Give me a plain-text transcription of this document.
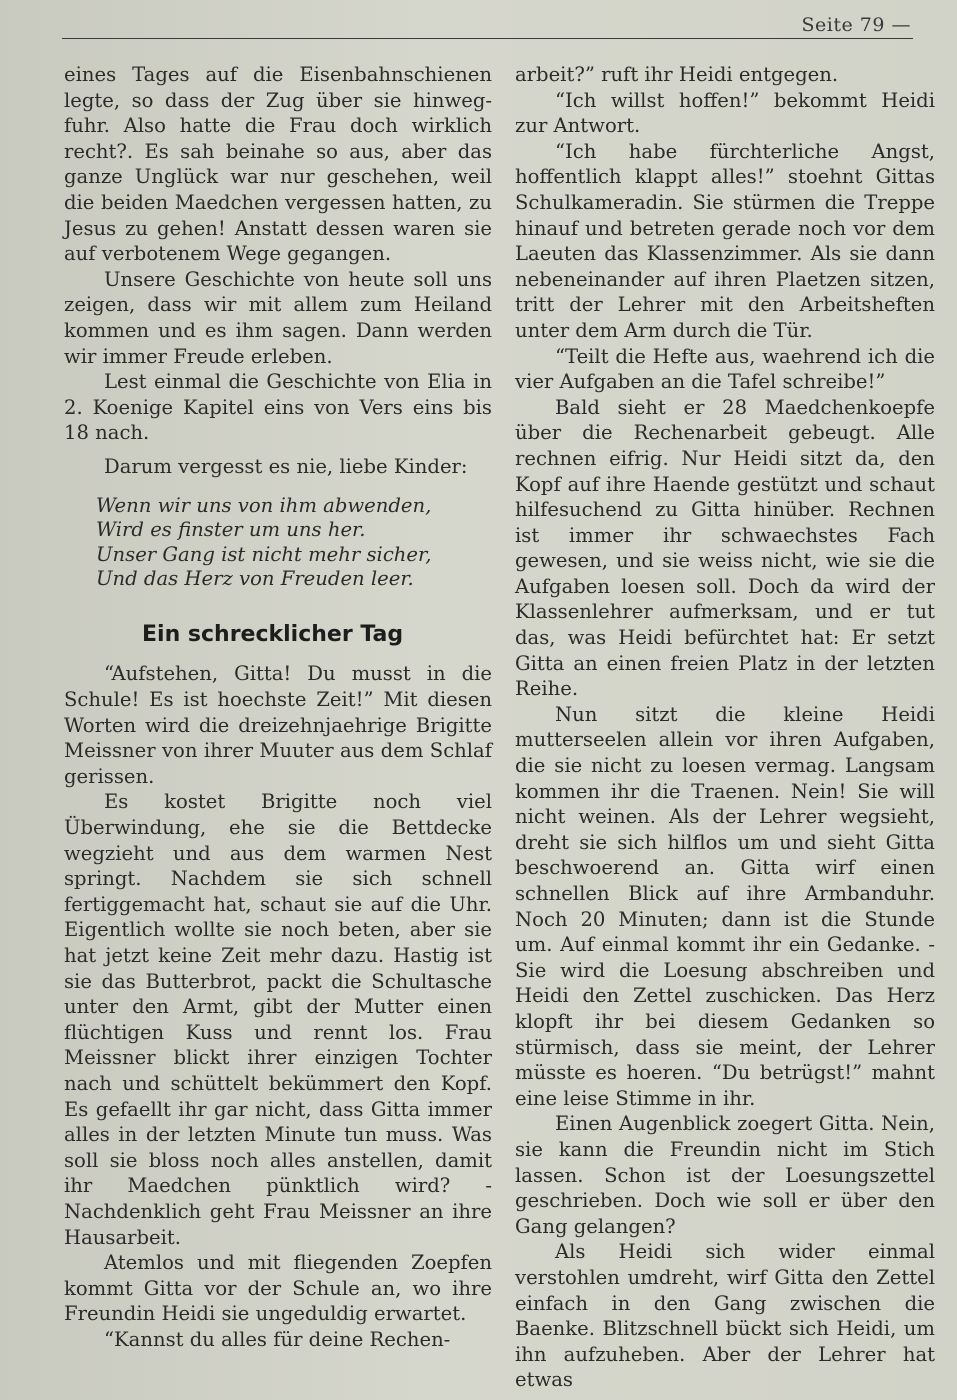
Seite 79 —

eines Tages auf die Eisenbahnschienen legte, so dass der Zug über sie hinweg-fuhr. Also hatte die Frau doch wirklich recht?. Es sah beinahe so aus, aber das ganze Unglück war nur geschehen, weil die beiden Maedchen vergessen hatten, zu Jesus zu gehen! Anstatt dessen waren sie auf verbotenem Wege gegangen.

Unsere Geschichte von heute soll uns zeigen, dass wir mit allem zum Heiland kommen und es ihm sagen. Dann werden wir immer Freude erleben.

Lest einmal die Geschichte von Elia in 2. Koenige Kapitel eins von Vers eins bis 18 nach.

Darum vergesst es nie, liebe Kinder:

Wenn wir uns von ihm abwenden,
Wird es finster um uns her.
Unser Gang ist nicht mehr sicher,
Und das Herz von Freuden leer.
Ein schrecklicher Tag

“Aufstehen, Gitta! Du musst in die Schule! Es ist hoechste Zeit!” Mit diesen Worten wird die dreizehnjaehrige Brigitte Meissner von ihrer Muuter aus dem Schlaf gerissen.

Es kostet Brigitte noch viel Überwindung, ehe sie die Bettdecke wegzieht und aus dem warmen Nest springt. Nachdem sie sich schnell fertiggemacht hat, schaut sie auf die Uhr. Eigentlich wollte sie noch beten, aber sie hat jetzt keine Zeit mehr dazu. Hastig ist sie das Butterbrot, packt die Schultasche unter den Armt, gibt der Mutter einen flüchtigen Kuss und rennt los. Frau Meissner blickt ihrer einzigen Tochter nach und schüttelt bekümmert den Kopf. Es gefaellt ihr gar nicht, dass Gitta immer alles in der letzten Minute tun muss. Was soll sie bloss noch alles anstellen, damit ihr Maedchen pünktlich wird? - Nachdenklich geht Frau Meissner an ihre Hausarbeit.

Atemlos und mit fliegenden Zoepfen kommt Gitta vor der Schule an, wo ihre Freundin Heidi sie ungeduldig erwartet.

“Kannst du alles für deine Rechen-

arbeit?” ruft ihr Heidi entgegen.

“Ich willst hoffen!” bekommt Heidi zur Antwort.

“Ich habe fürchterliche Angst, hoffentlich klappt alles!” stoehnt Gittas Schulkameradin. Sie stürmen die Treppe hinauf und betreten gerade noch vor dem Laeuten das Klassenzimmer. Als sie dann nebeneinander auf ihren Plaetzen sitzen, tritt der Lehrer mit den Arbeitsheften unter dem Arm durch die Tür.

“Teilt die Hefte aus, waehrend ich die vier Aufgaben an die Tafel schreibe!”

Bald sieht er 28 Maedchenkoepfe über die Rechenarbeit gebeugt. Alle rechnen eifrig. Nur Heidi sitzt da, den Kopf auf ihre Haende gestützt und schaut hilfesuchend zu Gitta hinüber. Rechnen ist immer ihr schwaechstes Fach gewesen, und sie weiss nicht, wie sie die Aufgaben loesen soll. Doch da wird der Klassenlehrer aufmerksam, und er tut das, was Heidi befürchtet hat: Er setzt Gitta an einen freien Platz in der letzten Reihe.

Nun sitzt die kleine Heidi mutterseelen allein vor ihren Aufgaben, die sie nicht zu loesen vermag. Langsam kommen ihr die Traenen. Nein! Sie will nicht weinen. Als der Lehrer wegsieht, dreht sie sich hilflos um und sieht Gitta beschwoerend an. Gitta wirf einen schnellen Blick auf ihre Armbanduhr. Noch 20 Minuten; dann ist die Stunde um. Auf einmal kommt ihr ein Gedanke. - Sie wird die Loesung abschreiben und Heidi den Zettel zuschicken. Das Herz klopft ihr bei diesem Gedanken so stürmisch, dass sie meint, der Lehrer müsste es hoeren. “Du betrügst!” mahnt eine leise Stimme in ihr.

Einen Augenblick zoegert Gitta. Nein, sie kann die Freundin nicht im Stich lassen. Schon ist der Loesungszettel geschrieben. Doch wie soll er über den Gang gelangen?

Als Heidi sich wider einmal verstohlen umdreht, wirf Gitta den Zettel einfach in den Gang zwischen die Baenke. Blitzschnell bückt sich Heidi, um ihn aufzuheben. Aber der Lehrer hat etwas
